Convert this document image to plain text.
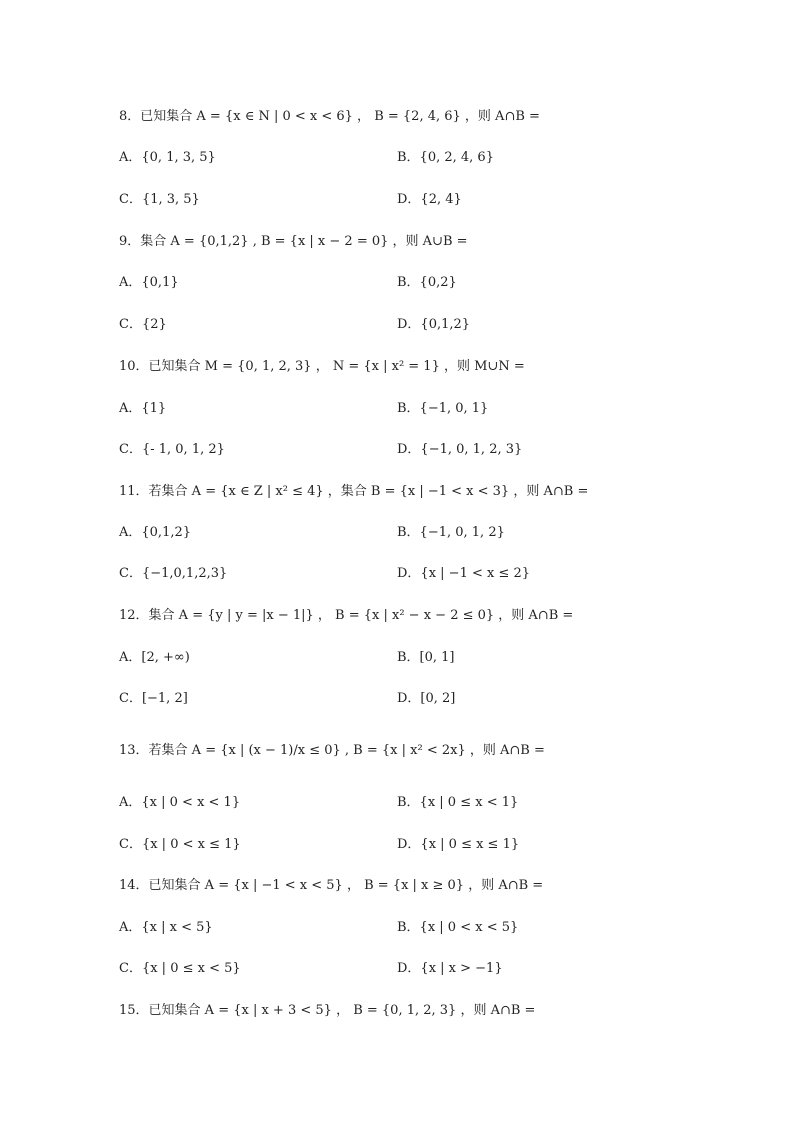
8．已知集合 A = {x ∈ N | 0 < x < 6} ， B = {2, 4, 6} ，则 A∩B =
A．{0, 1, 3, 5}	B．{0, 2, 4, 6}
C．{1, 3, 5}	D．{2, 4}
9．集合 A = {0,1,2} , B = {x | x − 2 = 0} ，则 A∪B =
A．{0,1}	B．{0,2}
C．{2}	D．{0,1,2}
10．已知集合 M = {0, 1, 2, 3} ， N = {x | x² = 1} ，则 M∪N =
A．{1}	B．{−1, 0, 1}
C．{- 1, 0, 1, 2}	D．{−1, 0, 1, 2, 3}
11．若集合 A = {x ∈ Z | x² ≤ 4} ，集合 B = {x | −1 < x < 3} ，则 A∩B =
A．{0,1,2}	B．{−1, 0, 1, 2}
C．{−1,0,1,2,3}	D．{x | −1 < x ≤ 2}
12．集合 A = {y | y = |x − 1|} ， B = {x | x² − x − 2 ≤ 0} ，则 A∩B =
A．[2, +∞)	B．[0, 1]
C．[−1, 2]	D．[0, 2]
13．若集合 A = {x | (x − 1)/x ≤ 0} , B = {x | x² < 2x} ，则 A∩B =
A．{x | 0 < x < 1}	B．{x | 0 ≤ x < 1}
C．{x | 0 < x ≤ 1}	D．{x | 0 ≤ x ≤ 1}
14．已知集合 A = {x | −1 < x < 5} ， B = {x | x ≥ 0} ，则 A∩B =
A．{x | x < 5}	B．{x | 0 < x < 5}
C．{x | 0 ≤ x < 5}	D．{x | x > −1}
15．已知集合 A = {x | x + 3 < 5} ， B = {0, 1, 2, 3} ，则 A∩B =
